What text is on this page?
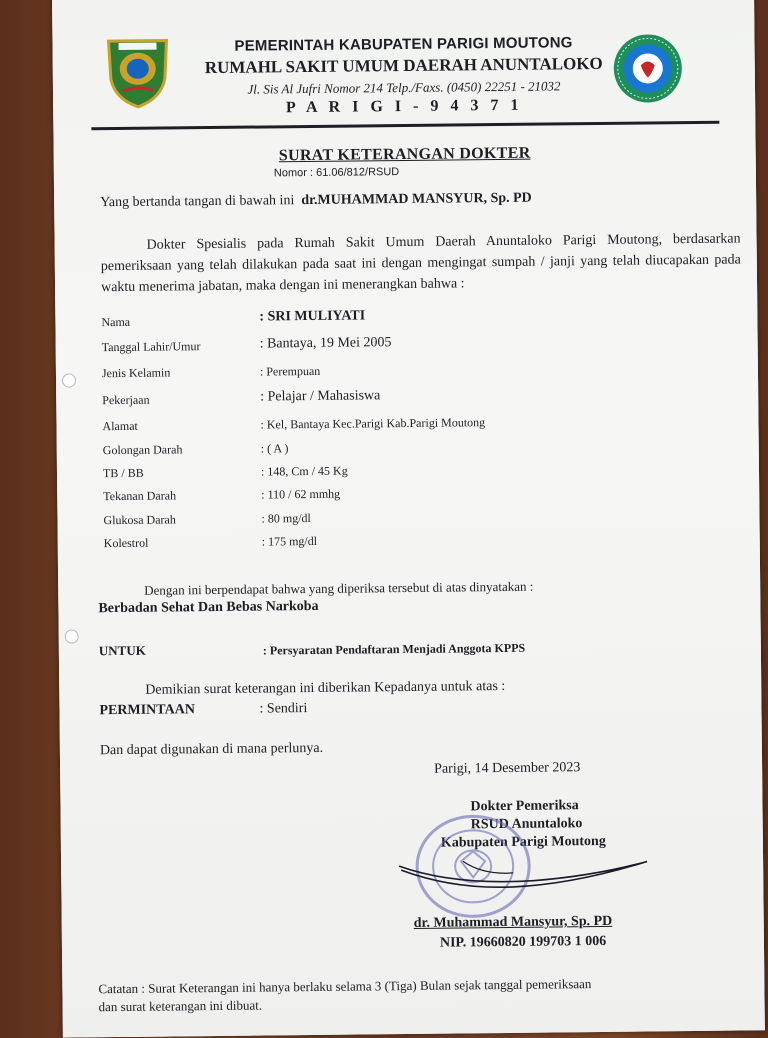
PEMERINTAH KABUPATEN PARIGI MOUTONG
RUMAHL SAKIT UMUM DAERAH ANUNTALOKO
Jl. Sis Al Jufri Nomor 214 Telp./Faxs. (0450) 22251 - 21032
P A R I G I - 9 4 3 7 1
SURAT KETERANGAN DOKTER
Nomor : 61.06/812/RSUD
Yang bertanda tangan di bawah ini dr.MUHAMMAD MANSYUR, Sp. PD
Dokter Spesialis pada Rumah Sakit Umum Daerah Anuntaloko Parigi Moutong, berdasarkan pemeriksaan yang telah dilakukan pada saat ini dengan mengingat sumpah / janji yang telah diucapakan pada waktu menerima jabatan, maka dengan ini menerangkan bahwa :
Nama	: SRI MULIYATI
Tanggal Lahir/Umur	: Bantaya, 19 Mei 2005
Jenis Kelamin	: Perempuan
Pekerjaan	: Pelajar / Mahasiswa
Alamat	: Kel, Bantaya Kec.Parigi Kab.Parigi Moutong
Golongan Darah	: ( A )
TB / BB	: 148, Cm / 45 Kg
Tekanan Darah	: 110 / 62 mmhg
Glukosa Darah	: 80 mg/dl
Kolestrol	: 175 mg/dl
Dengan ini berpendapat bahwa yang diperiksa tersebut di atas dinyatakan :
Berbadan Sehat Dan Bebas Narkoba
UNTUK	: Persyaratan Pendaftaran Menjadi Anggota KPPS
Demikian surat keterangan ini diberikan Kepadanya untuk atas :
PERMINTAAN	: Sendiri
Dan dapat digunakan di mana perlunya.
Parigi, 14 Desember 2023
Dokter Pemeriksa
RSUD Anuntaloko
Kabupaten Parigi Moutong
dr. Muhammad Mansyur, Sp. PD
NIP. 19660820 199703 1 006
Catatan : Surat Keterangan ini hanya berlaku selama 3 (Tiga) Bulan sejak tanggal pemeriksaan
dan surat keterangan ini dibuat.
